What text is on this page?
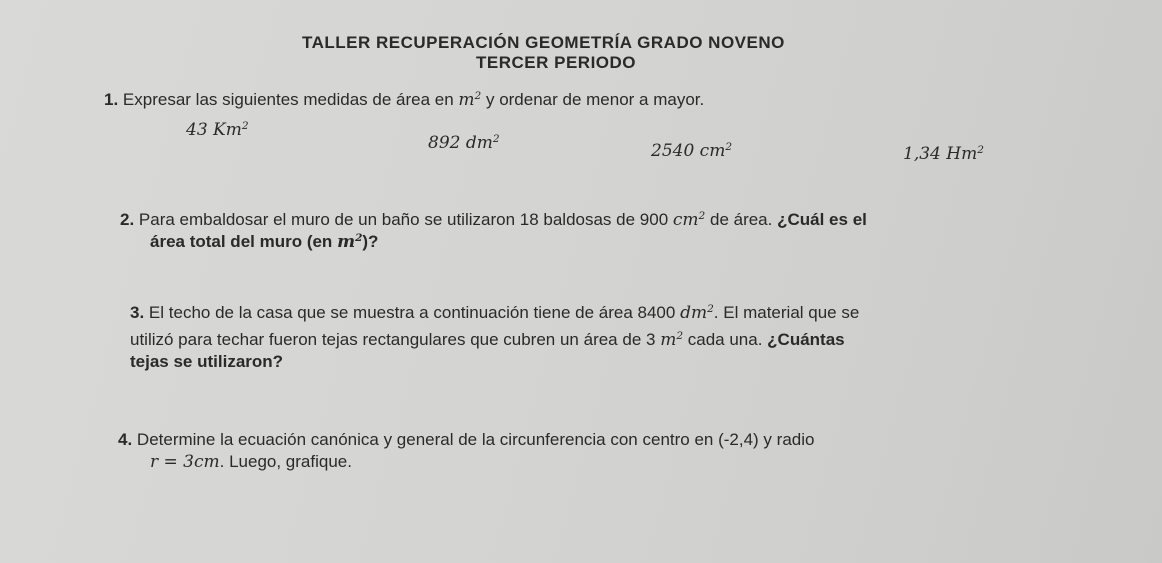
TALLER RECUPERACIÓN GEOMETRÍA GRADO NOVENO
TERCER PERIODO
1. Expresar las siguientes medidas de área en $m^2$ y ordenar de menor a mayor.
43 Km$^2$
892 $dm^2$
2540 $cm^2$	1,34 Hm$^2$
2. Para embaldosar el muro de un baño se utilizaron 18 baldosas de 900 $cm^2$ de área. ¿Cuál es el
área total del muro (en $m^2$)?
3. El techo de la casa que se muestra a continuación tiene de área 8400 $dm^2$. El material que se
utilizó para techar fueron tejas rectangulares que cubren un área de 3 $m^2$ cada una. ¿Cuántas
tejas se utilizaron?
4. Determine la ecuación canónica y general de la circunferencia con centro en (-2,4) y radio
r = 3cm. Luego, grafique.
